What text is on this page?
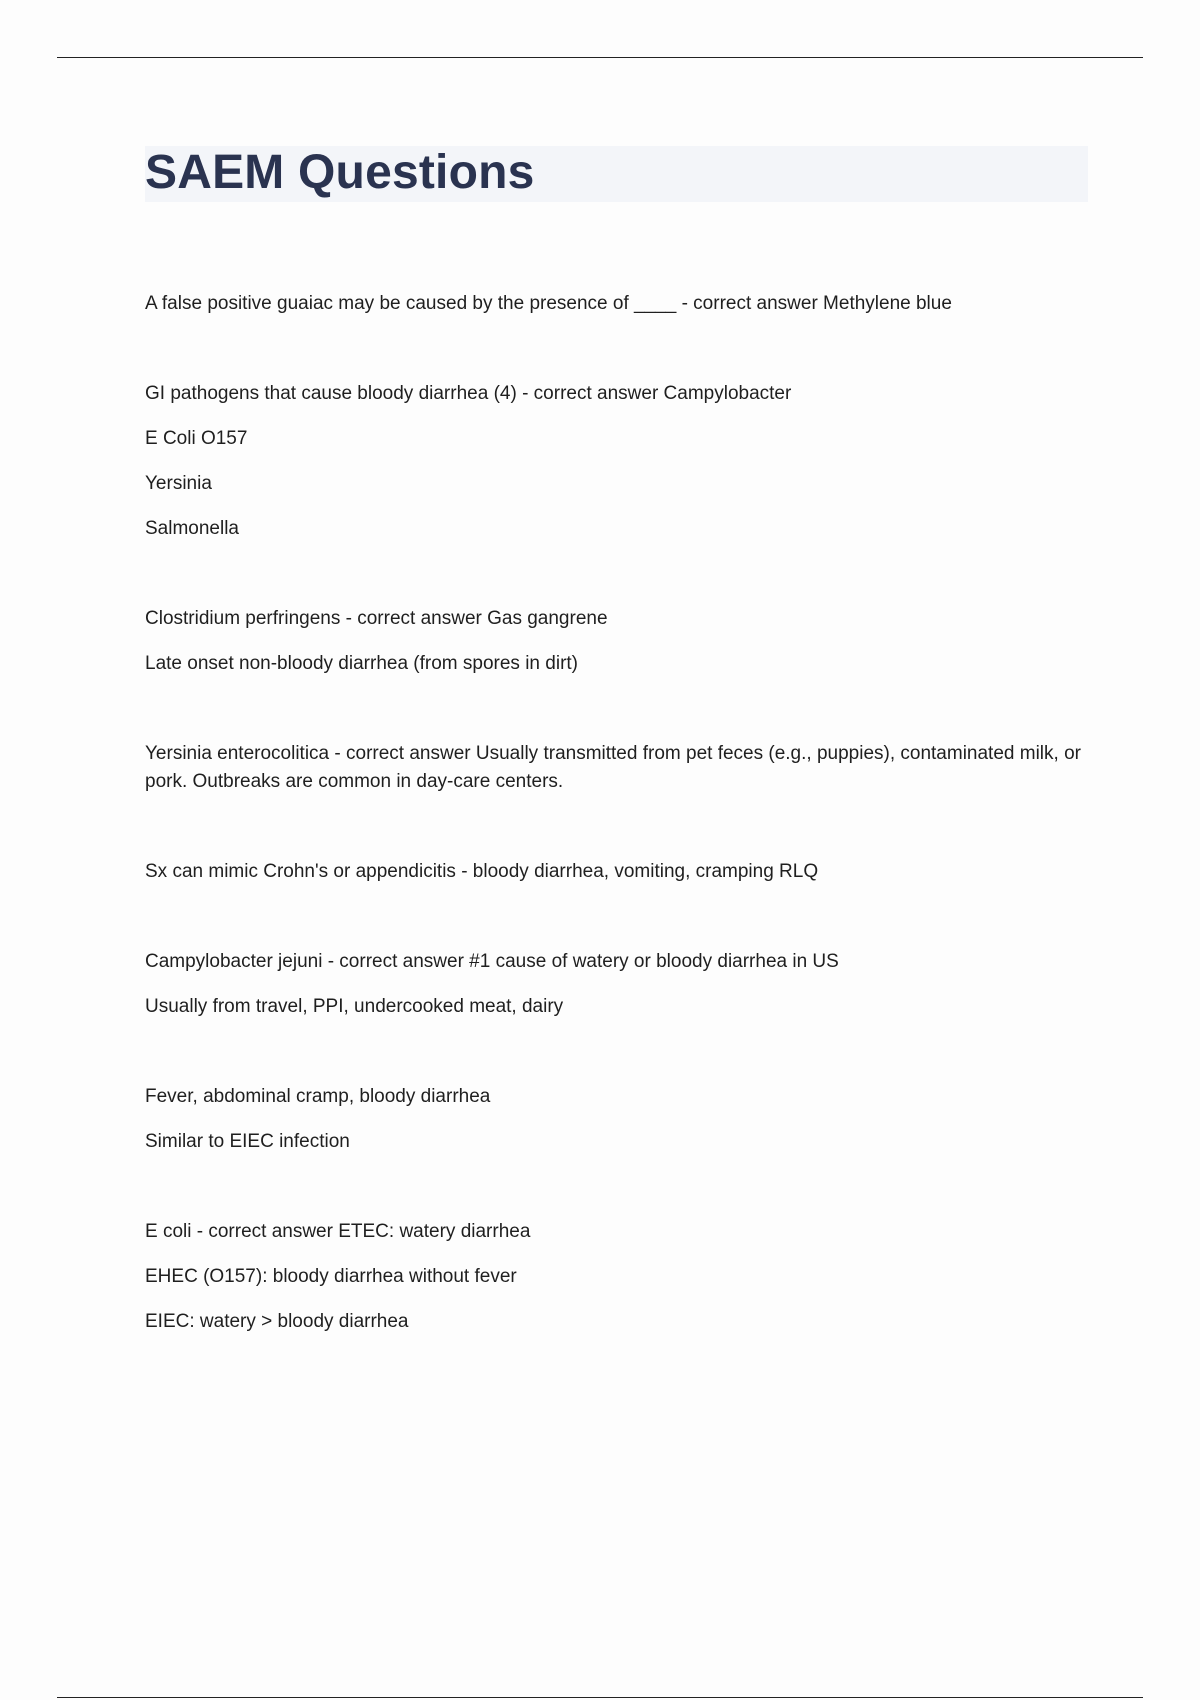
SAEM Questions

A false positive guaiac may be caused by the presence of ____ - correct answer Methylene blue

GI pathogens that cause bloody diarrhea (4) - correct answer Campylobacter

E Coli O157

Yersinia

Salmonella

Clostridium perfringens - correct answer Gas gangrene

Late onset non-bloody diarrhea (from spores in dirt)

Yersinia enterocolitica - correct answer Usually transmitted from pet feces (e.g., puppies), contaminated milk, or pork. Outbreaks are common in day-care centers.

Sx can mimic Crohn's or appendicitis - bloody diarrhea, vomiting, cramping RLQ

Campylobacter jejuni - correct answer #1 cause of watery or bloody diarrhea in US

Usually from travel, PPI, undercooked meat, dairy

Fever, abdominal cramp, bloody diarrhea

Similar to EIEC infection

E coli - correct answer ETEC: watery diarrhea

EHEC (O157): bloody diarrhea without fever

EIEC: watery > bloody diarrhea
